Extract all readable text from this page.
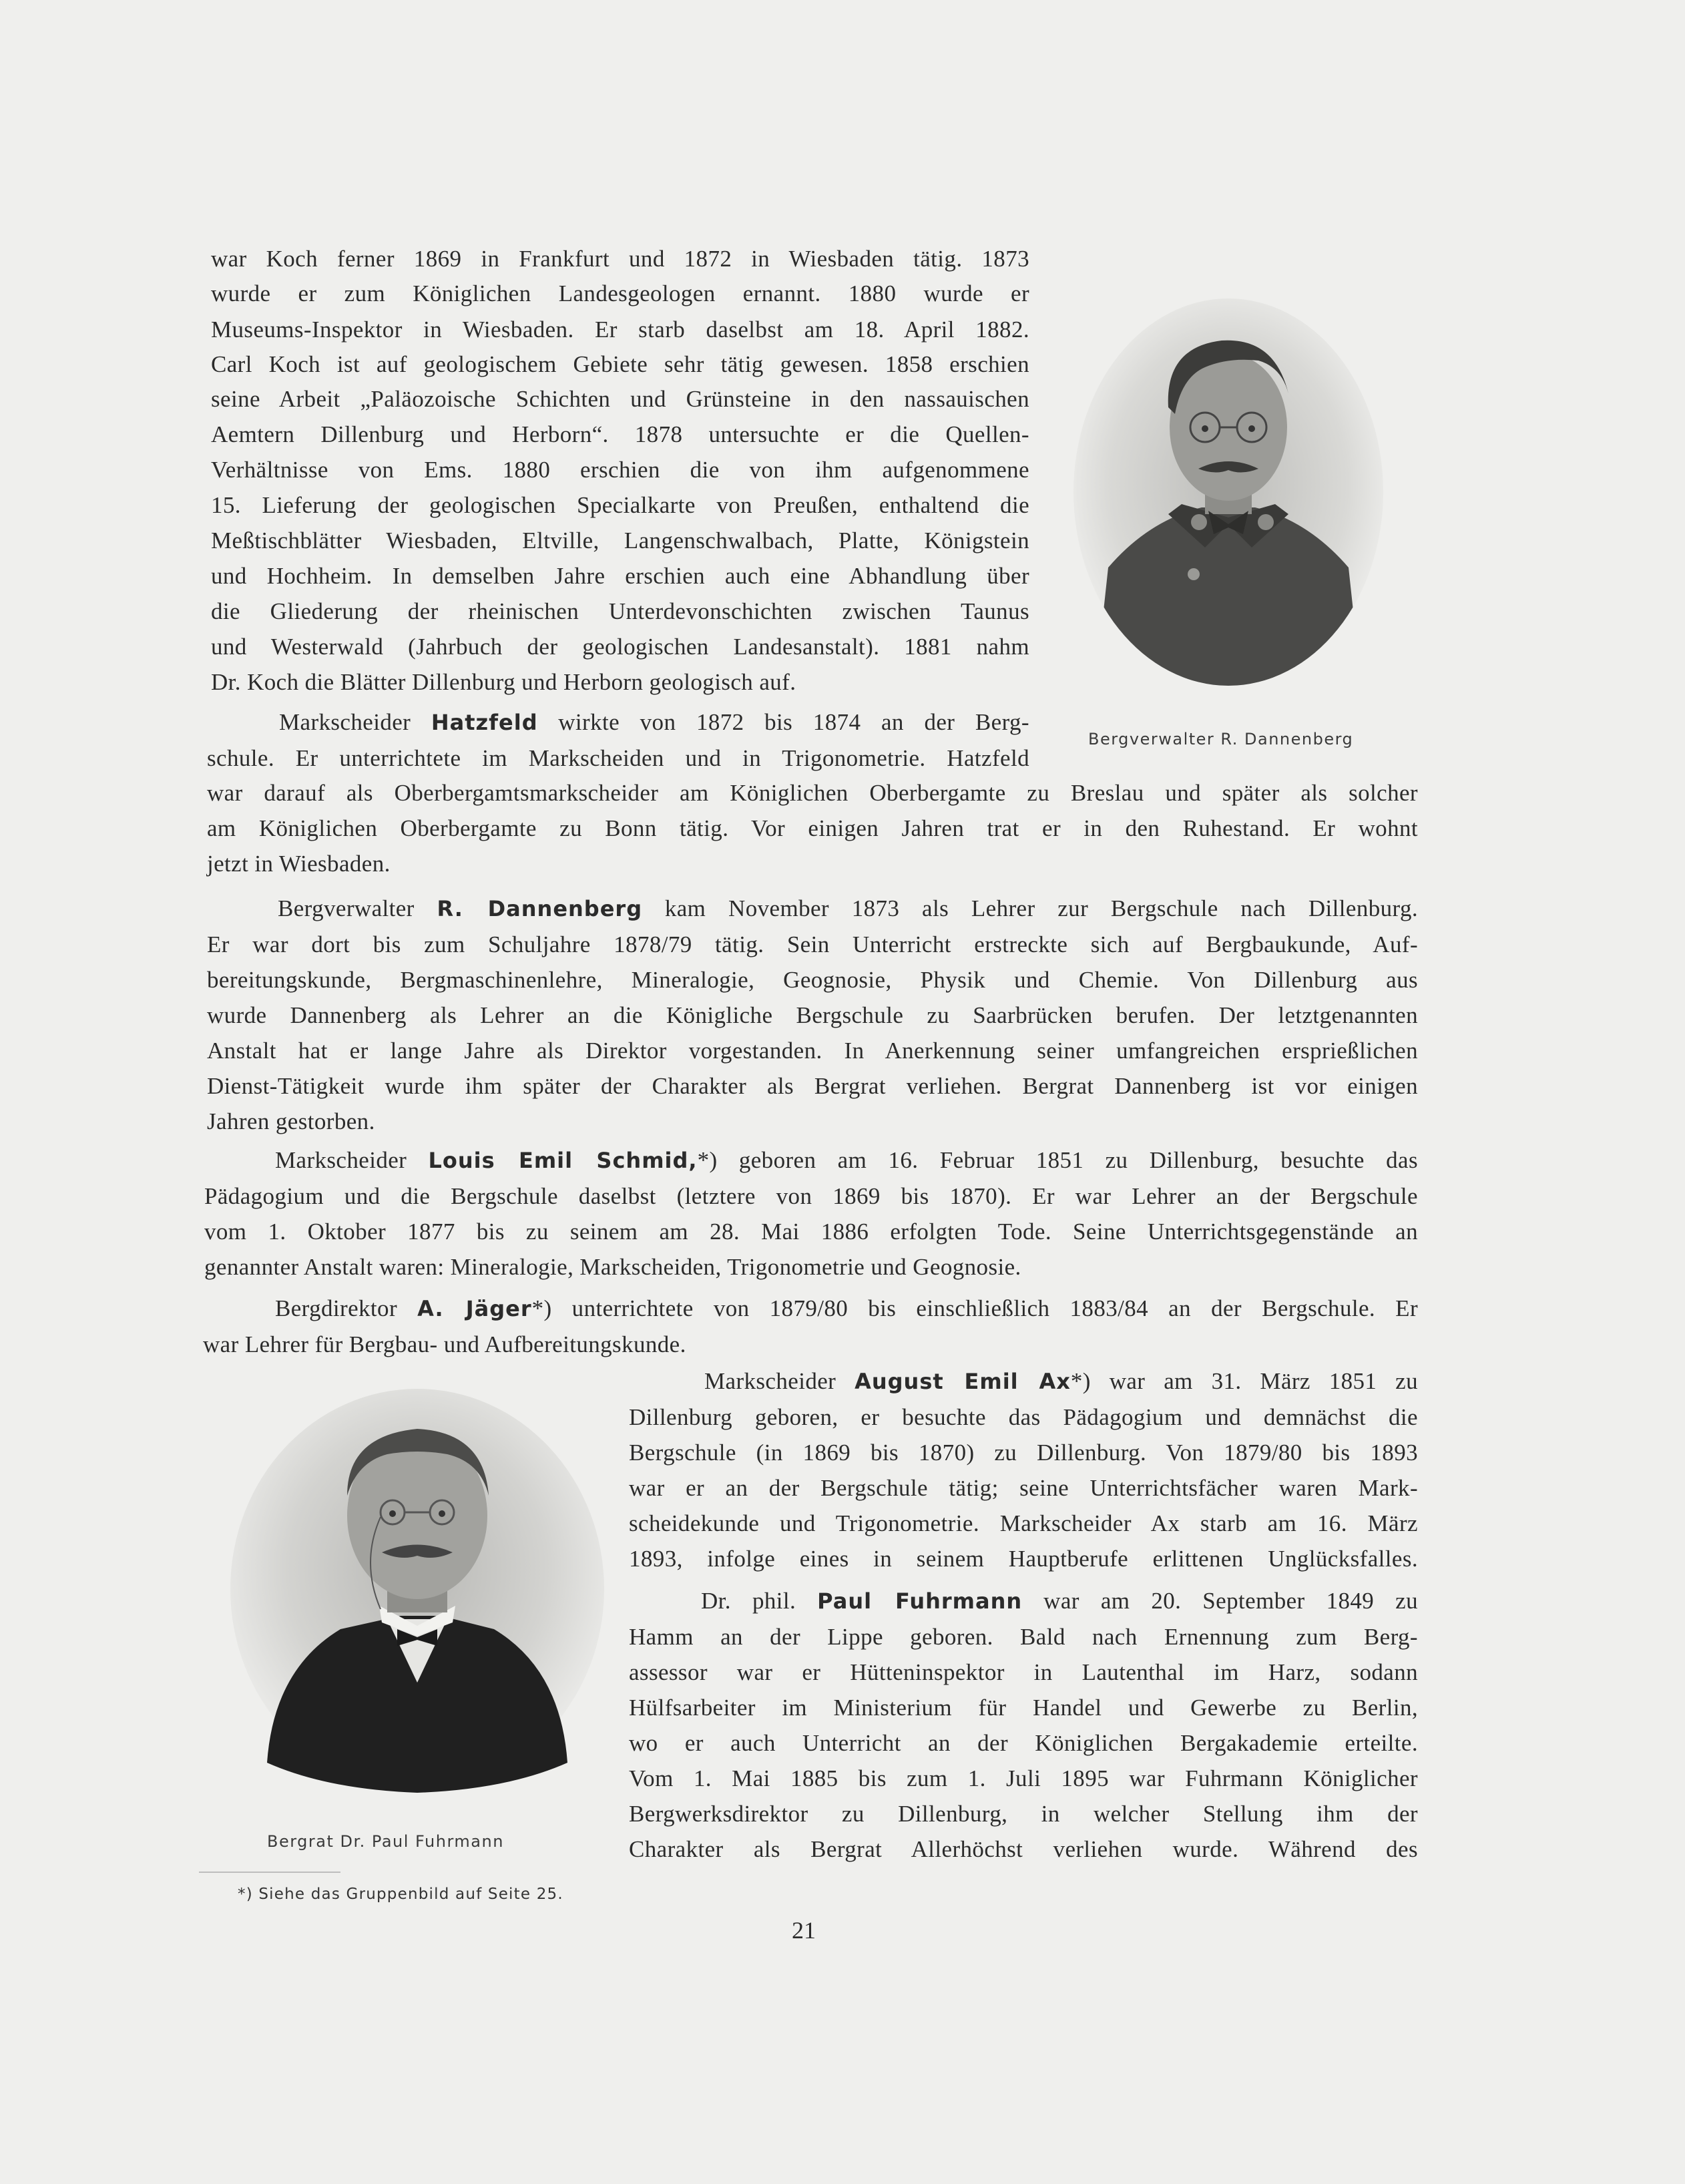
war Koch ferner 1869 in Frankfurt und 1872 in Wiesbaden tätig. 1873
wurde er zum Königlichen Landesgeologen ernannt. 1880 wurde er
Museums-Inspektor in Wiesbaden. Er starb daselbst am 18. April 1882.
Carl Koch ist auf geologischem Gebiete sehr tätig gewesen. 1858 erschien
seine Arbeit „Paläozoische Schichten und Grünsteine in den nassauischen
Aemtern Dillenburg und Herborn“. 1878 untersuchte er die Quellen-
Verhältnisse von Ems. 1880 erschien die von ihm aufgenommene
15. Lieferung der geologischen Specialkarte von Preußen, enthaltend die
Meßtischblätter Wiesbaden, Eltville, Langenschwalbach, Platte, Königstein
und Hochheim. In demselben Jahre erschien auch eine Abhandlung über
die Gliederung der rheinischen Unterdevonschichten zwischen Taunus
und Westerwald (Jahrbuch der geologischen Landesanstalt). 1881 nahm
Dr. Koch die Blätter Dillenburg und Herborn geologisch auf.
Bergverwalter R. Dannenberg
Markscheider Hatzfeld wirkte von 1872 bis 1874 an der Berg-
schule. Er unterrichtete im Markscheiden und in Trigonometrie. Hatzfeld
war darauf als Oberbergamtsmarkscheider am Königlichen Oberbergamte zu Breslau und später als solcher
am Königlichen Oberbergamte zu Bonn tätig. Vor einigen Jahren trat er in den Ruhestand. Er wohnt
jetzt in Wiesbaden.
Bergverwalter R. Dannenberg kam November 1873 als Lehrer zur Bergschule nach Dillenburg.
Er war dort bis zum Schuljahre 1878/79 tätig. Sein Unterricht erstreckte sich auf Bergbaukunde, Auf-
bereitungskunde, Bergmaschinenlehre, Mineralogie, Geognosie, Physik und Chemie. Von Dillenburg aus
wurde Dannenberg als Lehrer an die Königliche Bergschule zu Saarbrücken berufen. Der letztgenannten
Anstalt hat er lange Jahre als Direktor vorgestanden. In Anerkennung seiner umfangreichen ersprießlichen
Dienst-Tätigkeit wurde ihm später der Charakter als Bergrat verliehen. Bergrat Dannenberg ist vor einigen
Jahren gestorben.
Markscheider Louis Emil Schmid,*) geboren am 16. Februar 1851 zu Dillenburg, besuchte das
Pädagogium und die Bergschule daselbst (letztere von 1869 bis 1870). Er war Lehrer an der Bergschule
vom 1. Oktober 1877 bis zu seinem am 28. Mai 1886 erfolgten Tode. Seine Unterrichtsgegenstände an
genannter Anstalt waren: Mineralogie, Markscheiden, Trigonometrie und Geognosie.
Bergdirektor A. Jäger*) unterrichtete von 1879/80 bis einschließlich 1883/84 an der Bergschule. Er
war Lehrer für Bergbau- und Aufbereitungskunde.
Bergrat Dr. Paul Fuhrmann
Markscheider August Emil Ax*) war am 31. März 1851 zu
Dillenburg geboren, er besuchte das Pädagogium und demnächst die
Bergschule (in 1869 bis 1870) zu Dillenburg. Von 1879/80 bis 1893
war er an der Bergschule tätig; seine Unterrichtsfächer waren Mark-
scheidekunde und Trigonometrie. Markscheider Ax starb am 16. März
1893, infolge eines in seinem Hauptberufe erlittenen Unglücksfalles.
Dr. phil. Paul Fuhrmann war am 20. September 1849 zu
Hamm an der Lippe geboren. Bald nach Ernennung zum Berg-
assessor war er Hütteninspektor in Lautenthal im Harz, sodann
Hülfsarbeiter im Ministerium für Handel und Gewerbe zu Berlin,
wo er auch Unterricht an der Königlichen Bergakademie erteilte.
Vom 1. Mai 1885 bis zum 1. Juli 1895 war Fuhrmann Königlicher
Bergwerksdirektor zu Dillenburg, in welcher Stellung ihm der
Charakter als Bergrat Allerhöchst verliehen wurde. Während des
*) Siehe das Gruppenbild auf Seite 25.
21
